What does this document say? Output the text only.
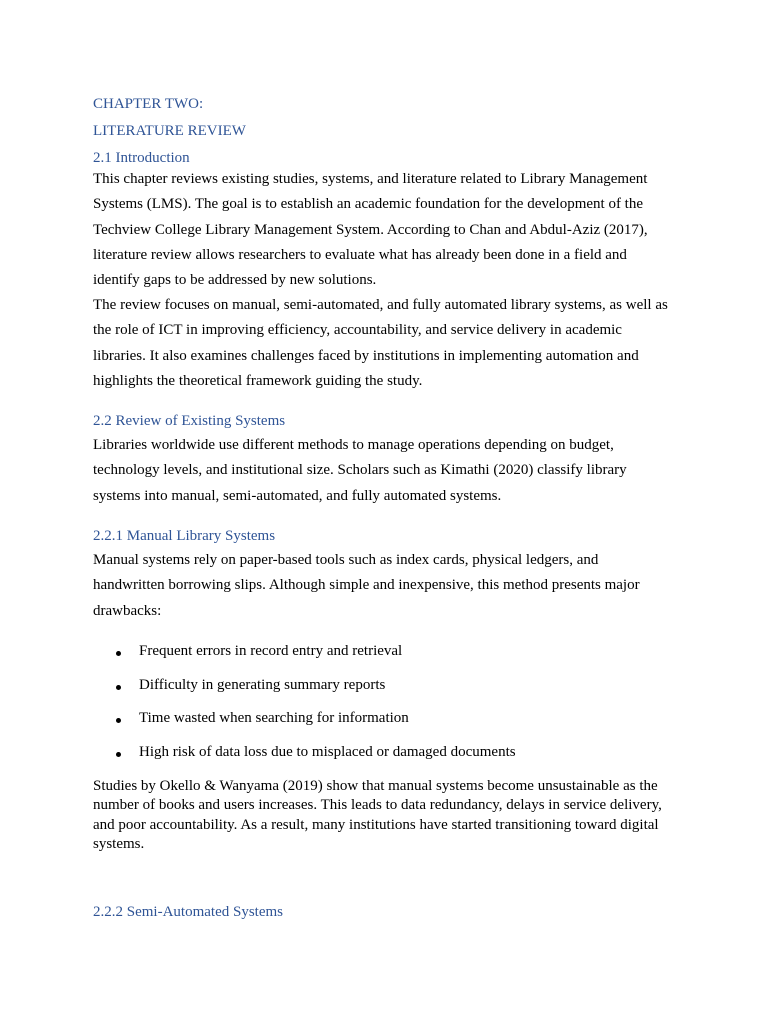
CHAPTER TWO:
LITERATURE REVIEW
2.1 Introduction
This chapter reviews existing studies, systems, and literature related to Library Management Systems (LMS). The goal is to establish an academic foundation for the development of the Techview College Library Management System. According to Chan and Abdul-Aziz (2017), literature review allows researchers to evaluate what has already been done in a field and identify gaps to be addressed by new solutions.
The review focuses on manual, semi-automated, and fully automated library systems, as well as the role of ICT in improving efficiency, accountability, and service delivery in academic libraries. It also examines challenges faced by institutions in implementing automation and highlights the theoretical framework guiding the study.
2.2 Review of Existing Systems
Libraries worldwide use different methods to manage operations depending on budget, technology levels, and institutional size. Scholars such as Kimathi (2020) classify library systems into manual, semi-automated, and fully automated systems.
2.2.1 Manual Library Systems
Manual systems rely on paper-based tools such as index cards, physical ledgers, and handwritten borrowing slips. Although simple and inexpensive, this method presents major drawbacks:
Frequent errors in record entry and retrieval
Difficulty in generating summary reports
Time wasted when searching for information
High risk of data loss due to misplaced or damaged documents
Studies by Okello & Wanyama (2019) show that manual systems become unsustainable as the number of books and users increases. This leads to data redundancy, delays in service delivery, and poor accountability. As a result, many institutions have started transitioning toward digital systems.
2.2.2 Semi-Automated Systems
